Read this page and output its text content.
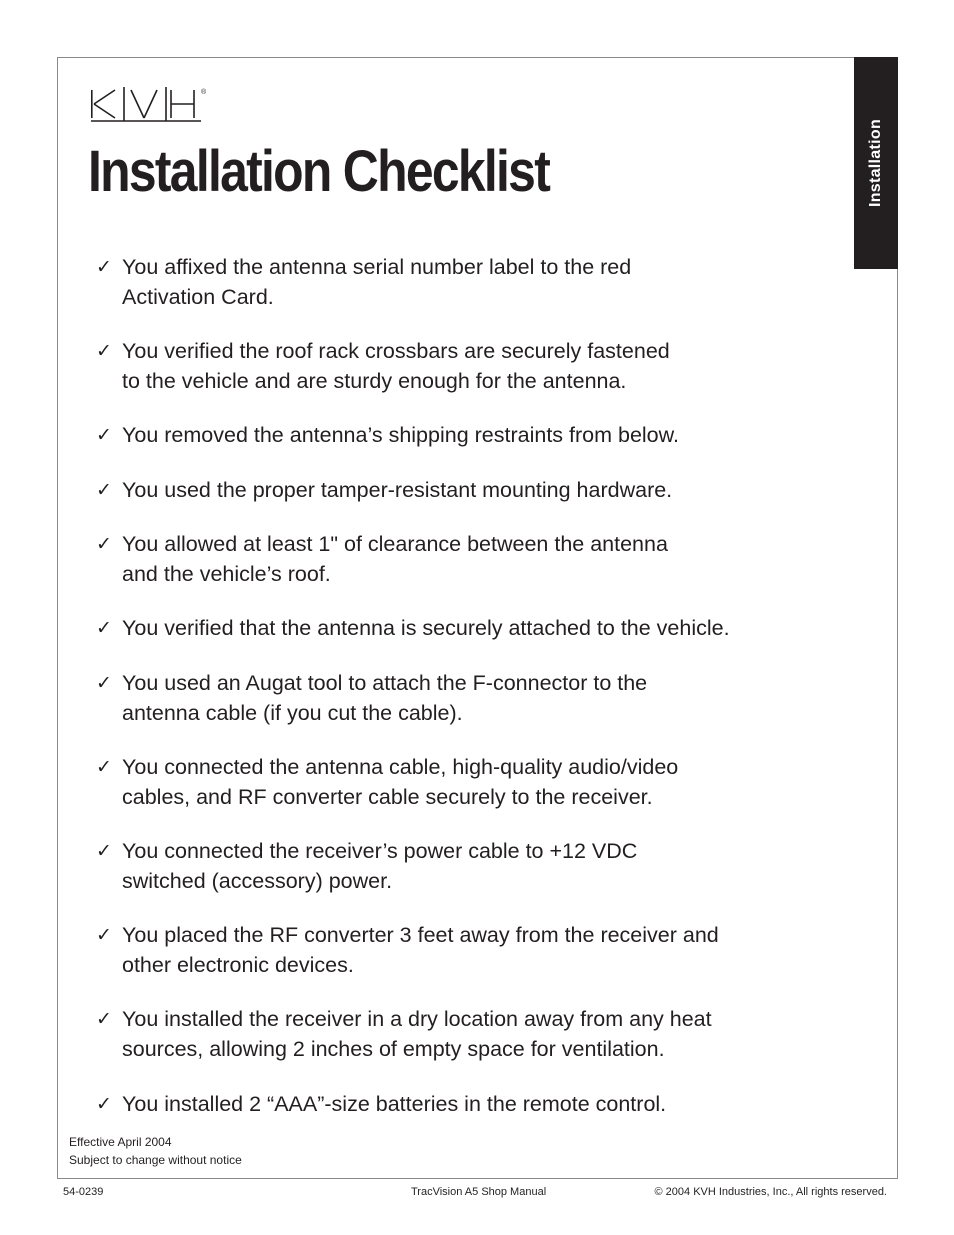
Installation
®
Installation Checklist
✓ You affixed the antenna serial number label to the red
Activation Card.
✓ You verified the roof rack crossbars are securely fastened
to the vehicle and are sturdy enough for the antenna.
✓ You removed the antenna’s shipping restraints from below.
✓ You used the proper tamper-resistant mounting hardware.
✓ You allowed at least 1" of clearance between the antenna
and the vehicle’s roof.
✓ You verified that the antenna is securely attached to the vehicle.
✓ You used an Augat tool to attach the F-connector to the
antenna cable (if you cut the cable).
✓ You connected the antenna cable, high-quality audio/video
cables, and RF converter cable securely to the receiver.
✓ You connected the receiver’s power cable to +12 VDC
switched (accessory) power.
✓ You placed the RF converter 3 feet away from the receiver and
other electronic devices.
✓ You installed the receiver in a dry location away from any heat
sources, allowing 2 inches of empty space for ventilation.
✓ You installed 2 “AAA”-size batteries in the remote control.
Effective April 2004
Subject to change without notice
54-0239	TracVision A5 Shop Manual	© 2004 KVH Industries, Inc., All rights reserved.
